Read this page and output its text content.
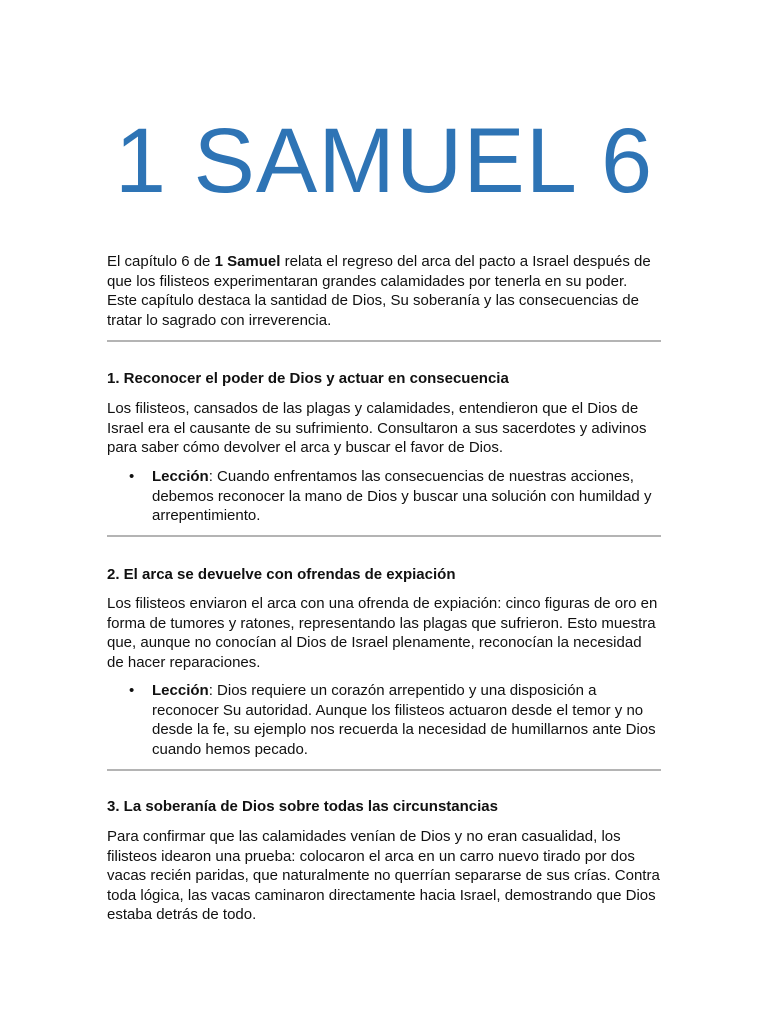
1 SAMUEL 6

El capítulo 6 de 1 Samuel relata el regreso del arca del pacto a Israel después de que los filisteos experimentaran grandes calamidades por tenerla en su poder. Este capítulo destaca la santidad de Dios, Su soberanía y las consecuencias de tratar lo sagrado con irreverencia.

1. Reconocer el poder de Dios y actuar en consecuencia

Los filisteos, cansados de las plagas y calamidades, entendieron que el Dios de Israel era el causante de su sufrimiento. Consultaron a sus sacerdotes y adivinos para saber cómo devolver el arca y buscar el favor de Dios.

• Lección: Cuando enfrentamos las consecuencias de nuestras acciones, debemos reconocer la mano de Dios y buscar una solución con humildad y arrepentimiento.
2. El arca se devuelve con ofrendas de expiación

Los filisteos enviaron el arca con una ofrenda de expiación: cinco figuras de oro en forma de tumores y ratones, representando las plagas que sufrieron. Esto muestra que, aunque no conocían al Dios de Israel plenamente, reconocían la necesidad de hacer reparaciones.

• Lección: Dios requiere un corazón arrepentido y una disposición a reconocer Su autoridad. Aunque los filisteos actuaron desde el temor y no desde la fe, su ejemplo nos recuerda la necesidad de humillarnos ante Dios cuando hemos pecado.
3. La soberanía de Dios sobre todas las circunstancias

Para confirmar que las calamidades venían de Dios y no eran casualidad, los filisteos idearon una prueba: colocaron el arca en un carro nuevo tirado por dos vacas recién paridas, que naturalmente no querrían separarse de sus crías. Contra toda lógica, las vacas caminaron directamente hacia Israel, demostrando que Dios estaba detrás de todo.
